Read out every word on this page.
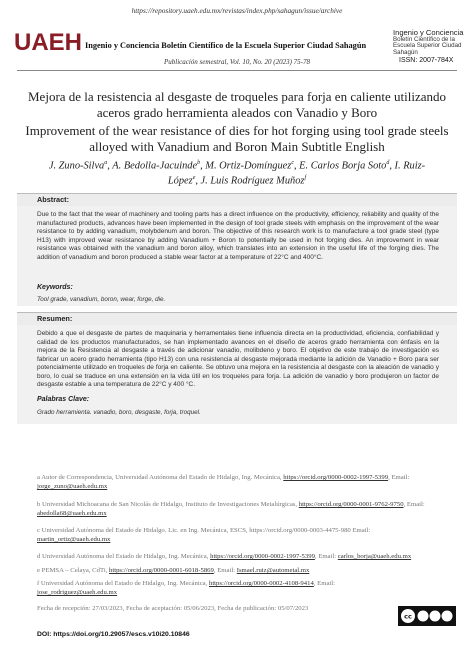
https://repository.uaeh.edu.mx/revistas/index.php/sahagun/issue/archive
UAEH Ingenio y Conciencia Boletín Científico de la Escuela Superior Ciudad Sahagún
Ingenio y Conciencia
Boletín Científico de la
Escuela Superior Ciudad Sahagún
Publicación semestral, Vol. 10, No. 20 (2023) 75-78	ISSN: 2007-784X
Mejora de la resistencia al desgaste de troqueles para forja en caliente utilizando aceros grado herramienta aleados con Vanadio y Boro
Improvement of the wear resistance of dies for hot forging using tool grade steels alloyed with Vanadium and Boron Main Subtitle English
J. Zuno-Silva$^a$, A. Bedolla-Jacuinde$^b$, M. Ortiz-Domínguez$^c$, E. Carlos Borja Soto$^d$, I. Ruiz-
López$^e$, J. Luis Rodríguez Muñoz$^f$
Abstract:
Due to the fact that the wear of machinery and tooling parts has a direct influence on the productivity, efficiency, reliability and quality of the manufactured products, advances have been implemented in the design of tool grade steels with emphasis on the improvement of the wear resistance to by adding vanadium, molybdenum and boron. The objective of this research work is to manufacture a tool grade steel (type H13) with improved wear resistance by adding Vanadium + Boron to potentially be used in hot forging dies. An improvement in wear resistance was obtained with the vanadium and boron alloy, which translates into an extension in the useful life of the forging dies. The addition of vanadium and boron produced a stable wear factor at a temperature of 22°C and 400°C.
Keywords:
Tool grade, vanadium, boron, wear, forge, die.
Resumen:
Debido a que el desgaste de partes de maquinaria y herramentales tiene influencia directa en la productividad, eficiencia, confiabilidad y calidad de los productos manufacturados, se han implementado avances en el diseño de aceros grado herramienta con énfasis en la mejora de la Resistencia al desgaste a través de adicionar vanadio, molibdeno y boro. El objetivo de este trabajo de investigación es fabricar un acero grado herramienta (tipo H13) con una resistencia al desgaste mejorada mediante la adición de Vanadio + Boro para ser potencialmente utilizado en troqueles de forja en caliente. Se obtuvo una mejora en la resistencia al desgaste con la aleación de vanadio y boro, lo cual se traduce en una extensión en la vida útil en los troqueles para forja. La adición de vanadio y boro produjeron un factor de desgaste estable a una temperatura de 22°C y 400 °C.
Palabras Clave:
Grado herramienta. vanadio, boro, desgaste, forja, troquel.
a Autor de Correspondencia, Universidad Autónoma del Estado de Hidalgo, Ing. Mecánica, https://orcid.org/0000-0002-1997-5399, Email:
jorge_zuno@uaeh.edu.mx
b Universidad Michoacana de San Nicolás de Hidalgo, Instituto de Investigaciones Metalúrgicas, https://orcid.org/0000-0001-9762-9750, Email:
abedolla68@uaeh.edu.mx
c Universidad Autónoma del Estado de Hidalgo. Lic. en Ing. Mecánica, ESCS, https://orcid.org/0000-0003-4475-980 Email:
martin_ortiz@uaeh.edu.mx
d Universidad Autónoma del Estado de Hidalgo, Ing. Mecánica, https://orcid.org/0000-0002-1997-5399, Email: carlos_borja@uaeh.edu.mx
e PEMSA – Celaya, CdTi, https://orcid.org/0000-0001-6018-5869, Email: Ismael.ruiz@autometal.mx
f Universidad Autónoma del Estado de Hidalgo, Ing. Mecánica, https://orcid.org/0000-0002-4108-9414, Email:
jose_rodriguez@uaeh.edu.mx
Fecha de recepción: 27/03/2023, Fecha de aceptación: 05/06/2023, Fecha de publicación: 05/07/2023
cc
DOI: https://doi.org/10.29057/escs.v10i20.10846
